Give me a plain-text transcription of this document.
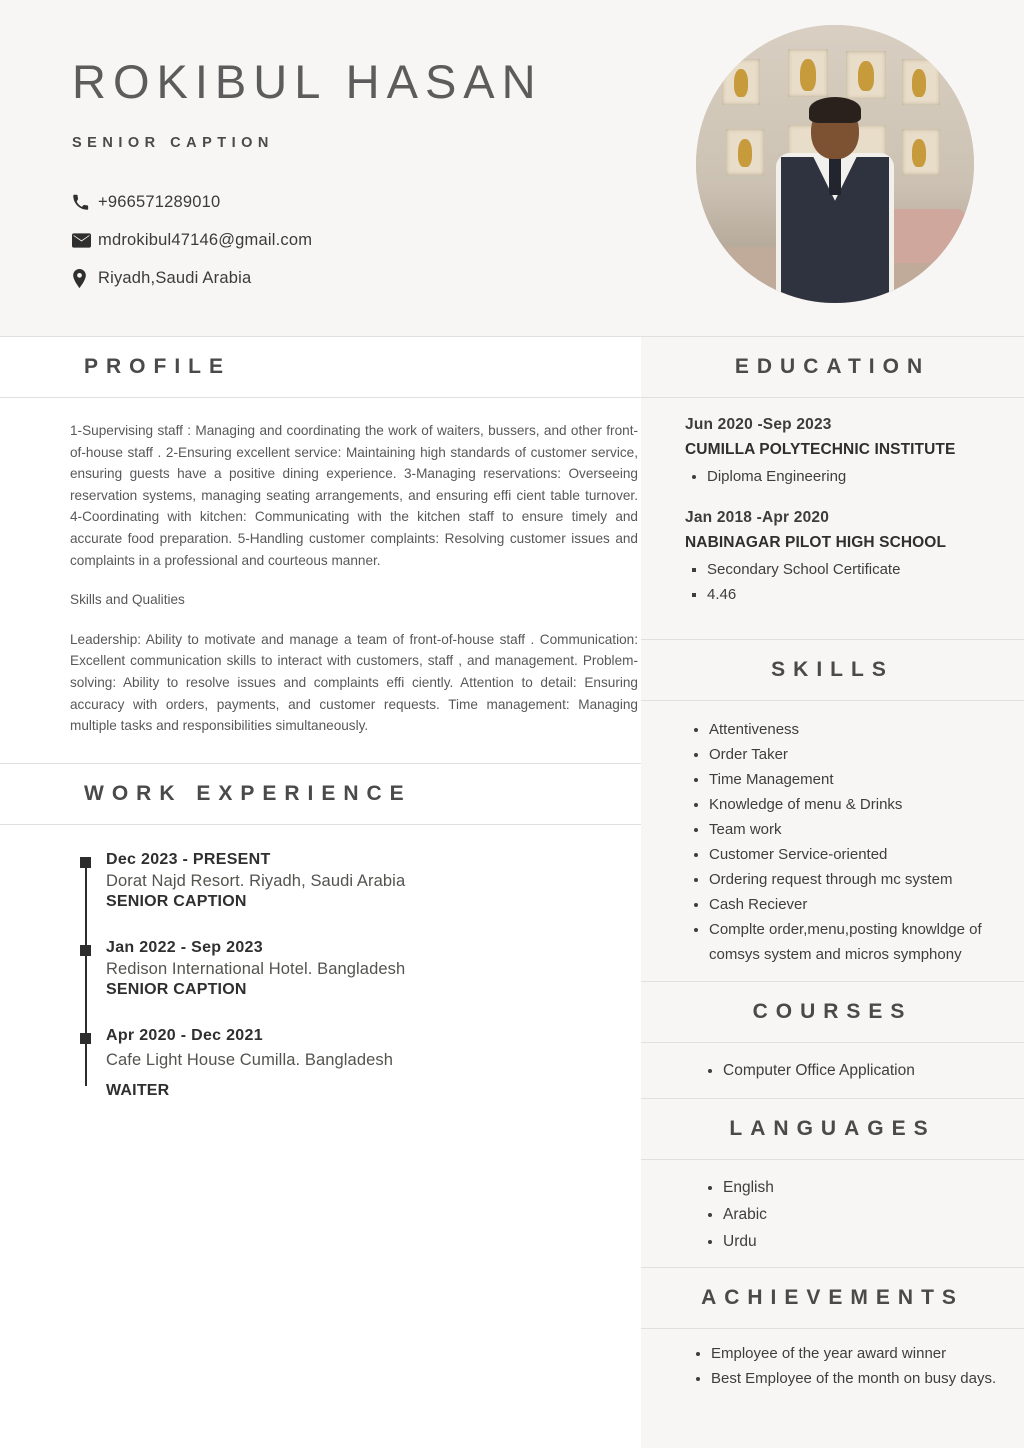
ROKIBUL HASAN
SENIOR CAPTION
+966571289010
mdrokibul47146@gmail.com
Riyadh,Saudi Arabia
PROFILE

1-Supervising staff : Managing and coordinating the work of waiters, bussers, and other front-of-house staff . 2-Ensuring excellent service: Maintaining high standards of customer service, ensuring guests have a positive dining experience. 3-Managing reservations: Overseeing reservation systems, managing seating arrangements, and ensuring effi cient table turnover. 4-Coordinating with kitchen: Communicating with the kitchen staff to ensure timely and accurate food preparation. 5-Handling customer complaints: Resolving customer issues and complaints in a professional and courteous manner.

Skills and Qualities

Leadership: Ability to motivate and manage a team of front-of-house staff . Communication: Excellent communication skills to interact with customers, staff , and management. Problem-solving: Ability to resolve issues and complaints effi ciently. Attention to detail: Ensuring accuracy with orders, payments, and customer requests. Time management: Managing multiple tasks and responsibilities simultaneously.

WORK EXPERIENCE
Dec 2023 - PRESENT
Dorat Najd Resort. Riyadh, Saudi Arabia
SENIOR CAPTION
Jan 2022 - Sep 2023
Redison International Hotel. Bangladesh
SENIOR CAPTION
Apr 2020 - Dec 2021
Cafe Light House Cumilla. Bangladesh
WAITER
EDUCATION
Jun 2020 -Sep 2023
CUMILLA POLYTECHNIC INSTITUTE
• Diploma Engineering
Jan 2018 -Apr 2020
NABINAGAR PILOT HIGH SCHOOL
▪ Secondary School Certificate
▪ 4.46
SKILLS
• Attentiveness
• Order Taker
• Time Management
• Knowledge of menu & Drinks
• Team work
• Customer Service-oriented
• Ordering request through mc system
• Cash Reciever
• Complte order,menu,posting knowldge of comsys system and micros symphony
COURSES
• Computer Office Application
LANGUAGES
• English
• Arabic
• Urdu
ACHIEVEMENTS
• Employee of the year award winner
• Best Employee of the month on busy days.
